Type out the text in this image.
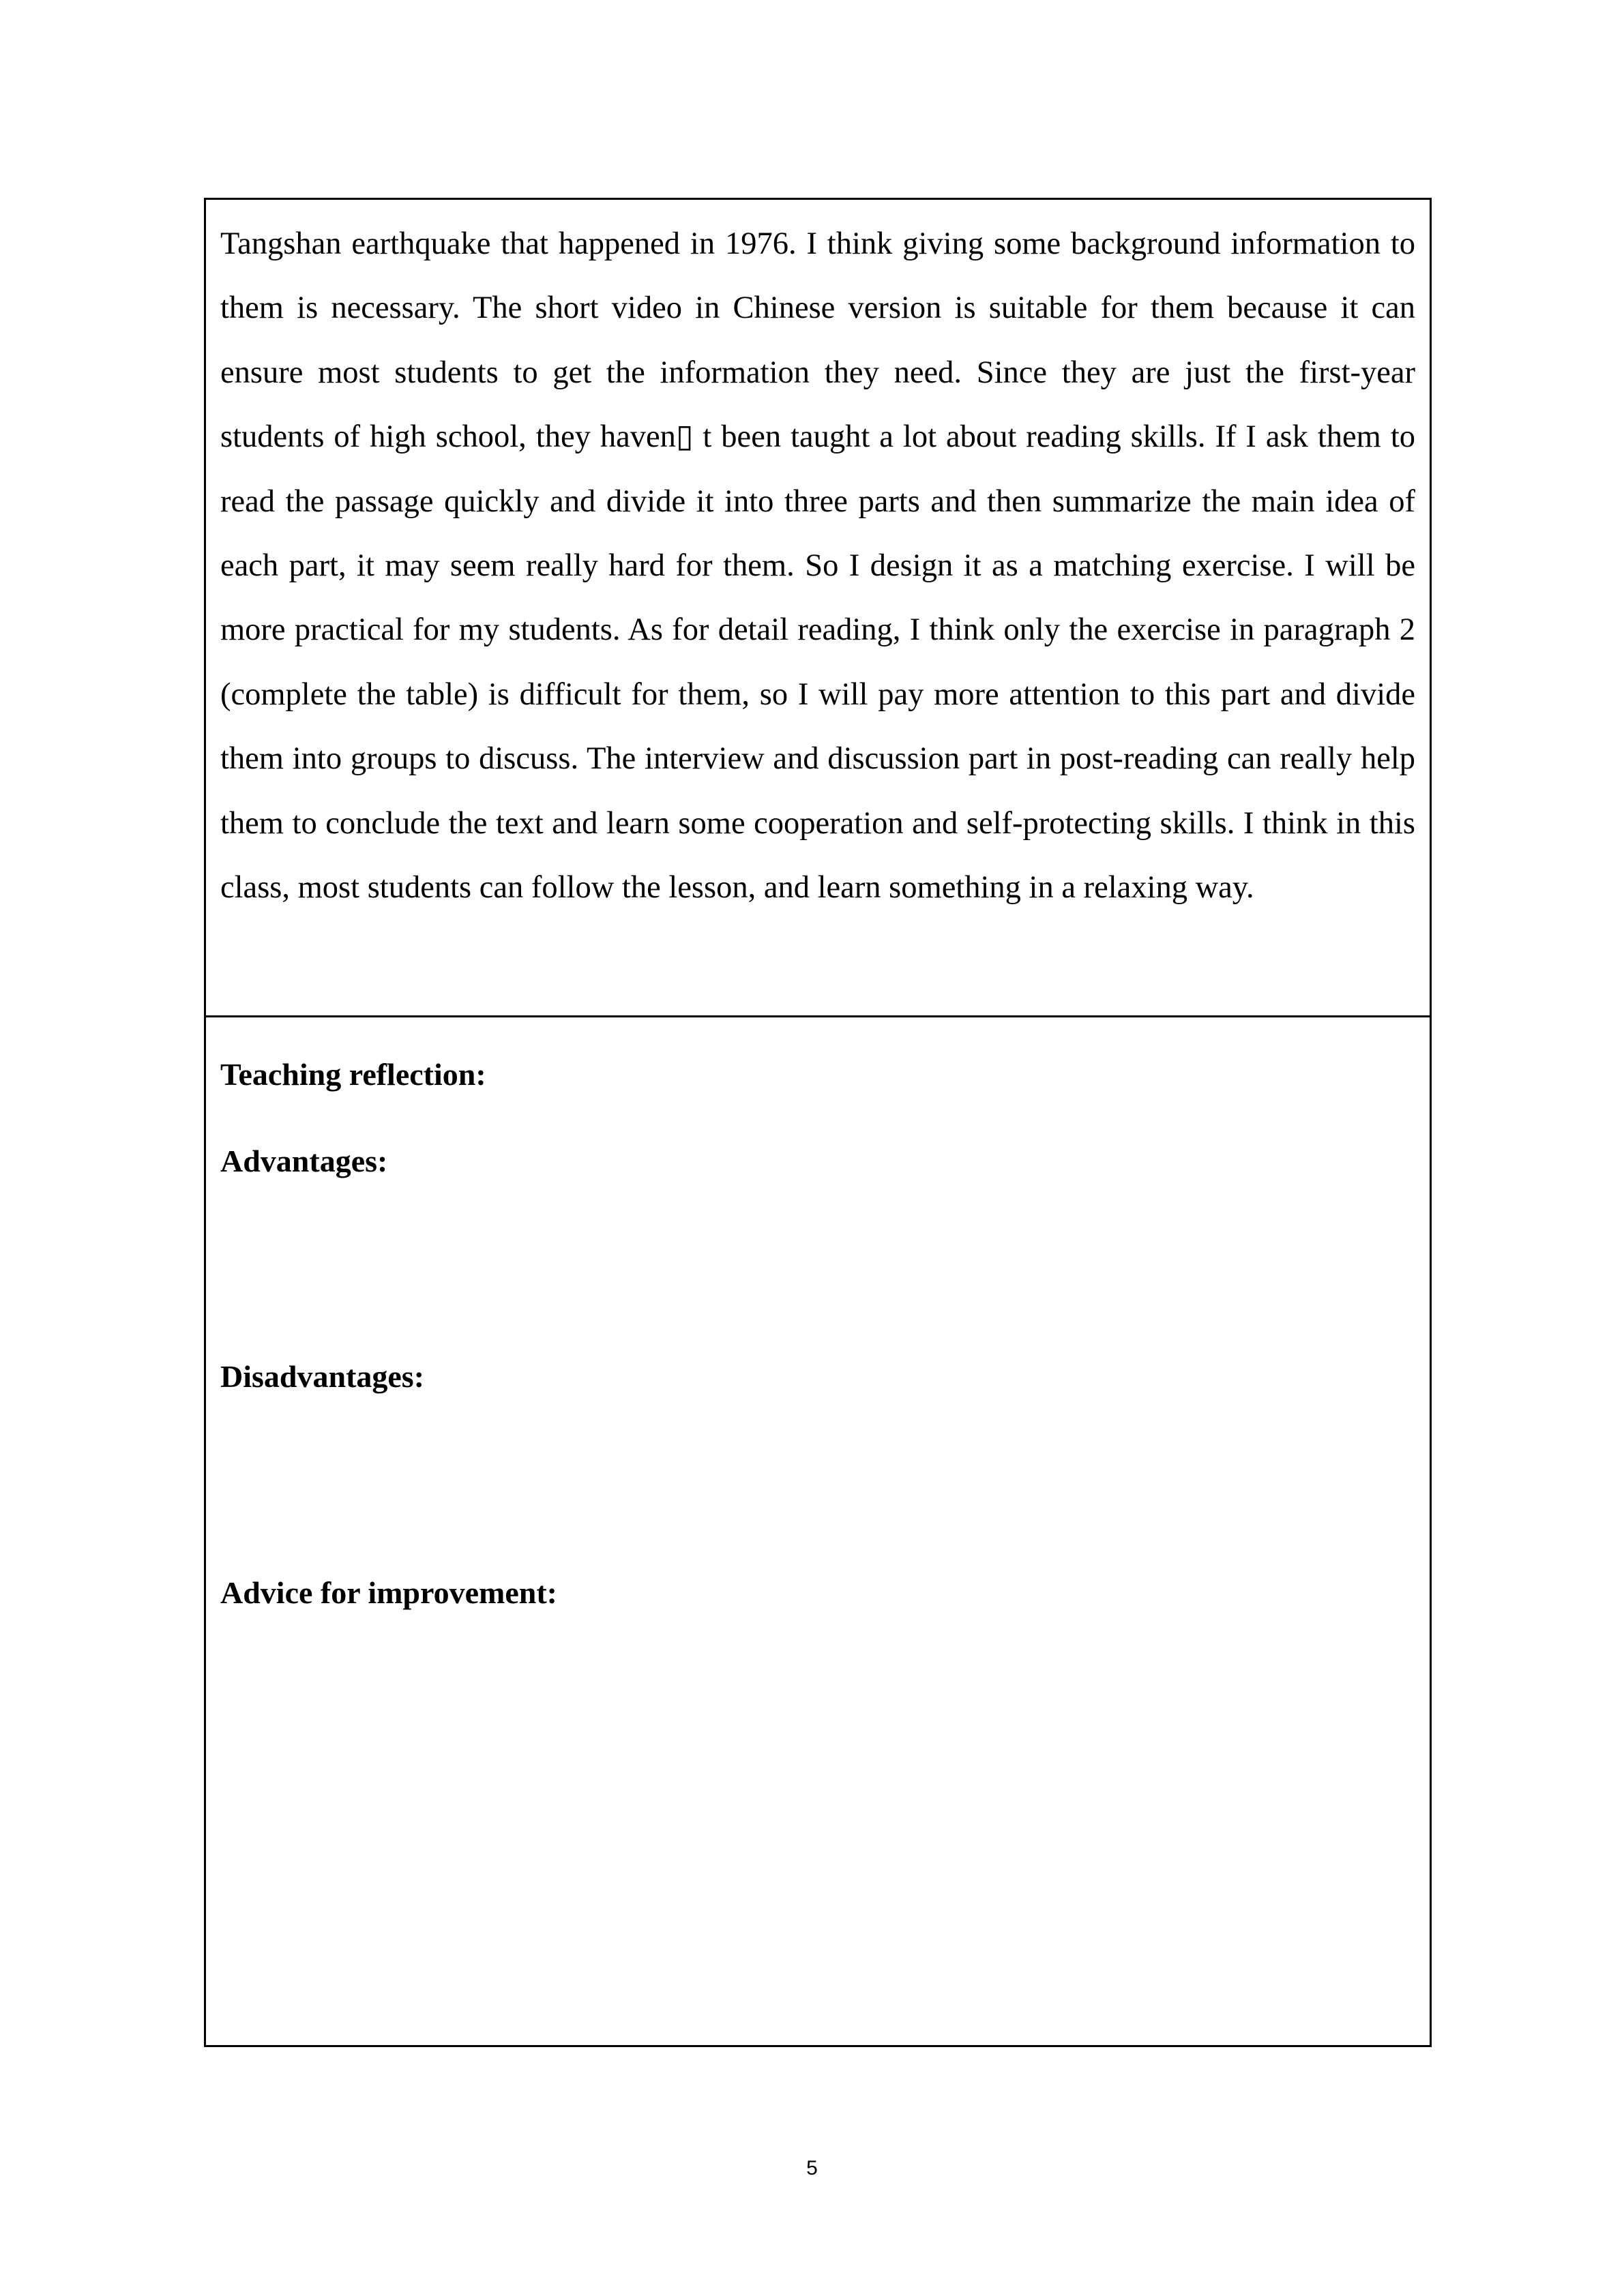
Tangshan earthquake that happened in 1976. I think giving some background information to them is necessary. The short video in Chinese version is suitable for them because it can ensure most students to get the information they need. Since they are just the first-year students of high school, they haven▯ t been taught a lot about reading skills. If I ask them to read the passage quickly and divide it into three parts and then summarize the main idea of each part, it may seem really hard for them. So I design it as a matching exercise. I will be more practical for my students. As for detail reading, I think only the exercise in paragraph 2 (complete the table) is difficult for them, so I will pay more attention to this part and divide them into groups to discuss. The interview and discussion part in post-reading can really help them to conclude the text and learn some cooperation and self-protecting skills. I think in this class, most students can follow the lesson, and learn something in a relaxing way.

Teaching reflection:

Advantages:

Disadvantages:

Advice for improvement:

5
